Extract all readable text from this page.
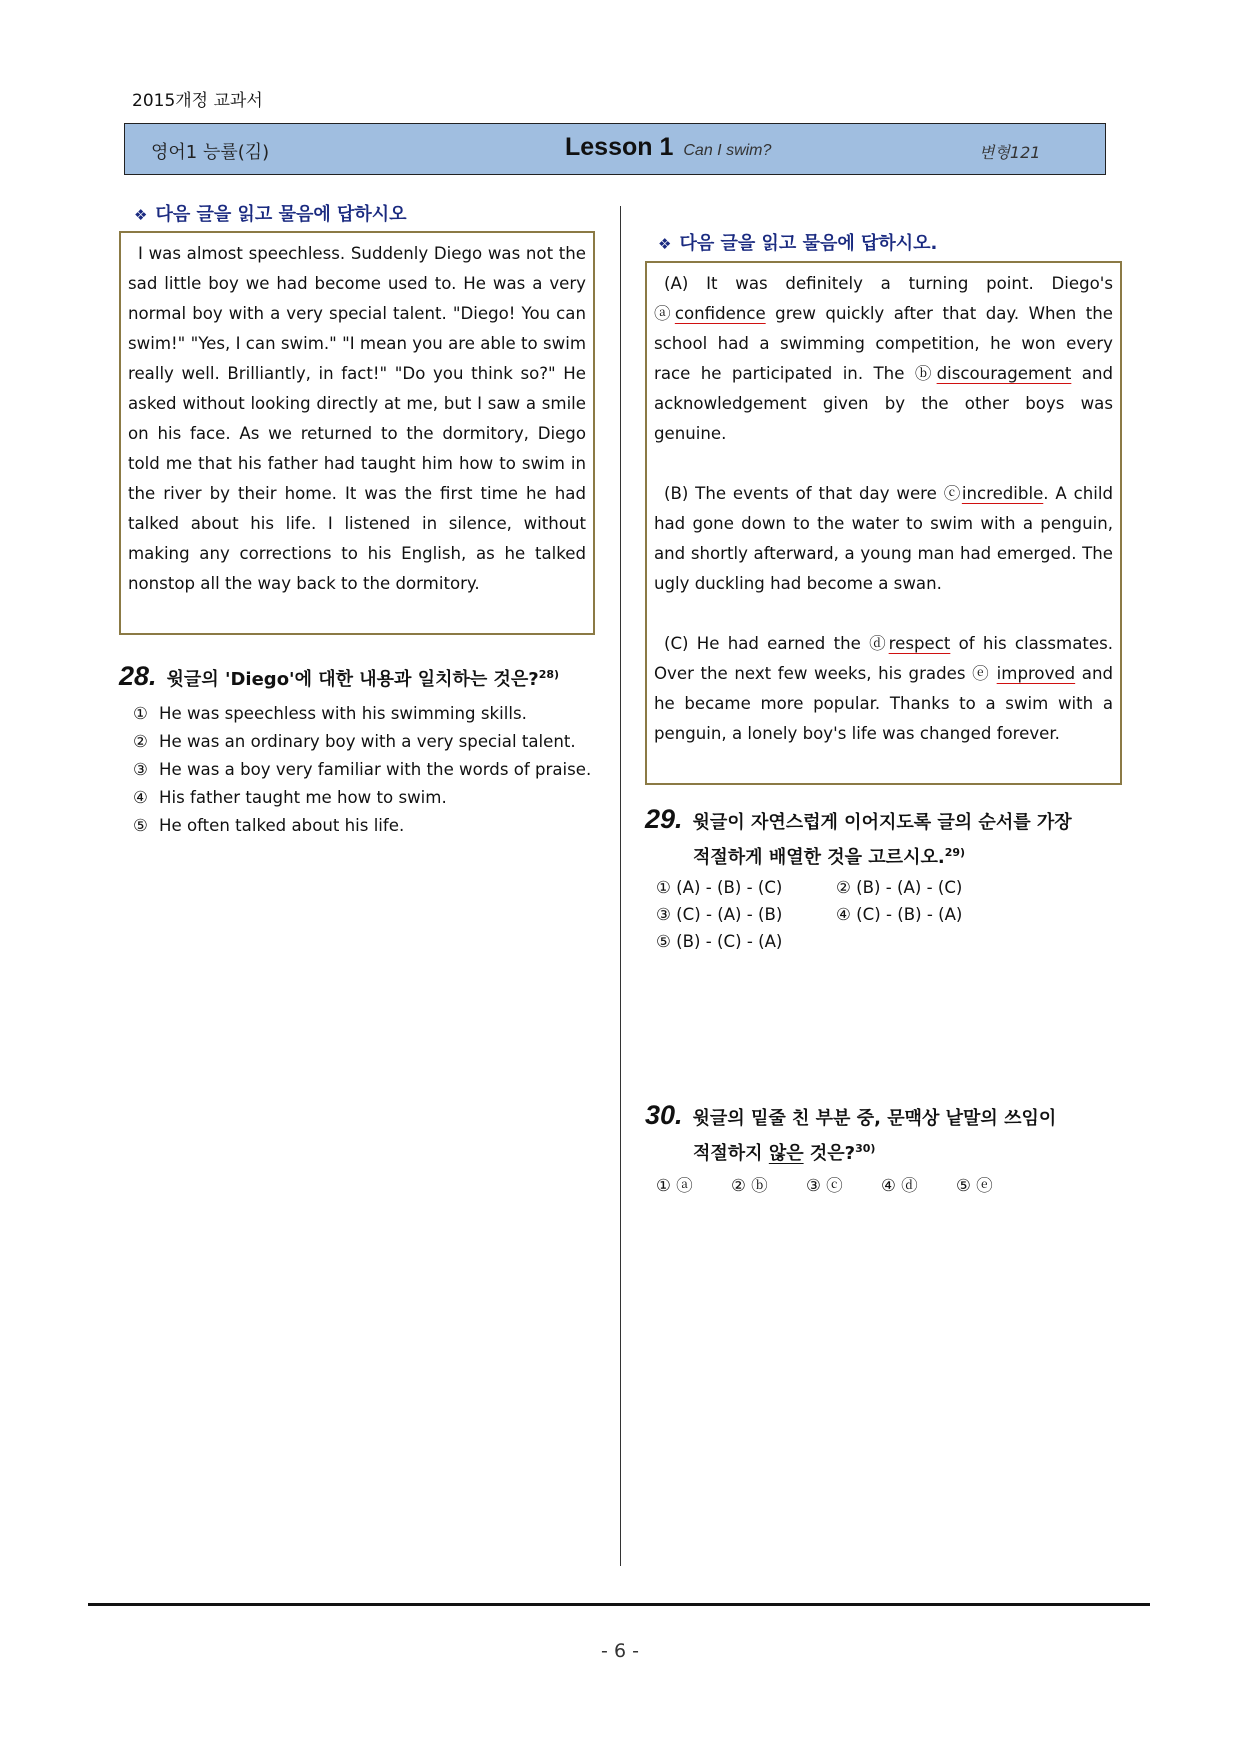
2015개정 교과서
영어1 능률(김)	Lesson 1 Can I swim?	변형121
❖ 다음 글을 읽고 물음에 답하시오

I was almost speechless. Suddenly Diego was not the sad little boy we had become used to. He was a very normal boy with a very special talent. "Diego! You can swim!" "Yes, I can swim." "I mean you are able to swim really well. Brilliantly, in fact!" "Do you think so?" He asked without looking directly at me, but I saw a smile on his face. As we returned to the dormitory, Diego told me that his father had taught him how to swim in the river by their home. It was the first time he had talked about his life. I listened in silence, without making any corrections to his English, as he talked nonstop all the way back to the dormitory.

28. 윗글의 'Diego'에 대한 내용과 일치하는 것은?$^{28)}$
① He was speechless with his swimming skills.
② He was an ordinary boy with a very special talent.
③ He was a boy very familiar with the words of praise.
④ His father taught me how to swim.
⑤ He often talked about his life.
❖ 다음 글을 읽고 물음에 답하시오.

(A) It was definitely a turning point. Diego's ⓐconfidence grew quickly after that day. When the school had a swimming competition, he won every race he participated in. The ⓑdiscouragement and acknowledgement given by the other boys was genuine.

(B) The events of that day were ⓒincredible. A child had gone down to the water to swim with a penguin, and shortly afterward, a young man had emerged. The ugly duckling had become a swan.

(C) He had earned the ⓓrespect of his classmates. Over the next few weeks, his grades ⓔ improved and he became more popular. Thanks to a swim with a penguin, a lonely boy's life was changed forever.

29. 윗글이 자연스럽게 이어지도록 글의 순서를 가장
적절하게 배열한 것을 고르시오.$^{29)}$
① (A) - (B) - (C)	② (B) - (A) - (C)
③ (C) - (A) - (B)	④ (C) - (B) - (A)
⑤ (B) - (C) - (A)
30. 윗글의 밑줄 친 부분 중, 문맥상 낱말의 쓰임이
적절하지 않은 것은?$^{30)}$
① ⓐ	② ⓑ	③ ⓒ	④ ⓓ	⑤ ⓔ
- 6 -
